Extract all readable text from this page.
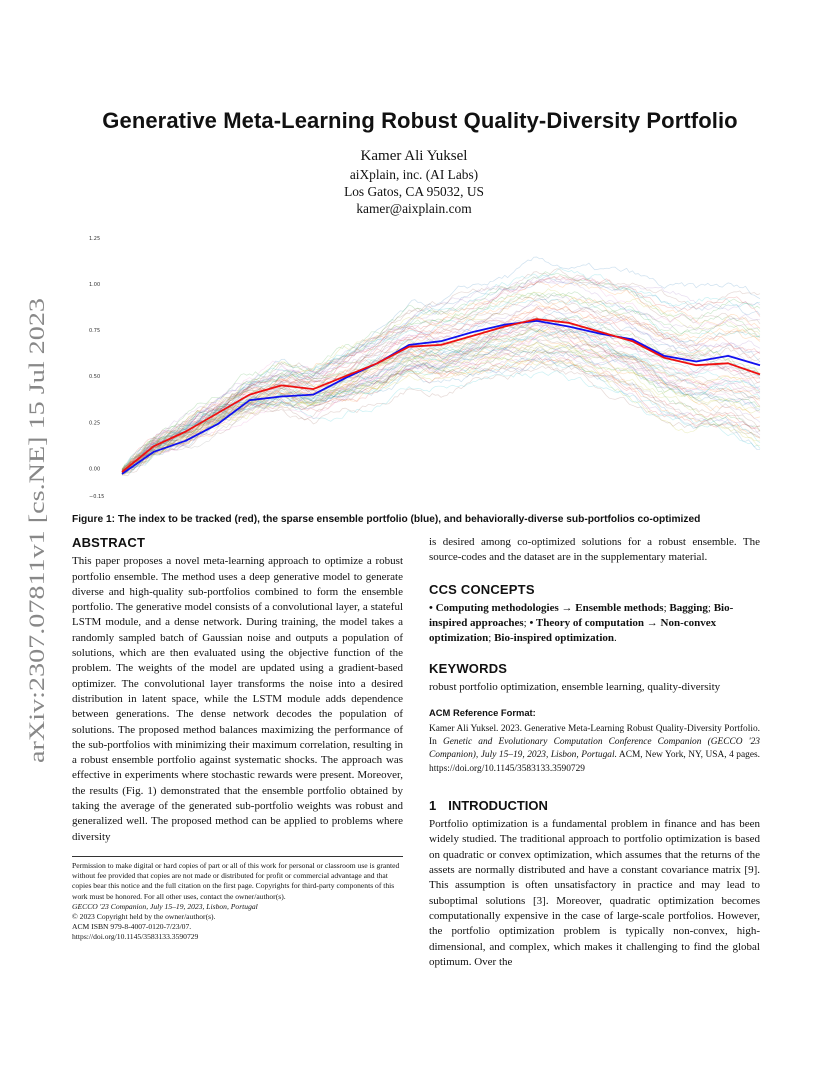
arXiv:2307.07811v1 [cs.NE] 15 Jul 2023
Generative Meta-Learning Robust Quality-Diversity Portfolio
Kamer Ali Yuksel
aiXplain, inc. (AI Labs)
Los Gatos, CA 95032, US
kamer@aixplain.com
1.25
1.00
0.75
0.50
0.25
0.00
−0.15
Figure 1: The index to be tracked (red), the sparse ensemble portfolio (blue), and behaviorally-diverse sub-portfolios co-optimized
ABSTRACT

This paper proposes a novel meta-learning approach to optimize a robust portfolio ensemble. The method uses a deep generative model to generate diverse and high-quality sub-portfolios combined to form the ensemble portfolio. The generative model consists of a convolutional layer, a stateful LSTM module, and a dense network. During training, the model takes a randomly sampled batch of Gaussian noise and outputs a population of solutions, which are then evaluated using the objective function of the problem. The weights of the model are updated using a gradient-based optimizer. The convolutional layer transforms the noise into a desired distribution in latent space, while the LSTM module adds dependence between generations. The dense network decodes the population of solutions. The proposed method balances maximizing the performance of the sub-portfolios with minimizing their maximum correlation, resulting in a robust ensemble portfolio against systematic shocks. The approach was effective in experiments where stochastic rewards were present. Moreover, the results (Fig. 1) demonstrated that the ensemble portfolio obtained by taking the average of the generated sub-portfolio weights was robust and generalized well. The proposed method can be applied to problems where diversity

Permission to make digital or hard copies of part or all of this work for personal or classroom use is granted without fee provided that copies are not made or distributed for profit or commercial advantage and that copies bear this notice and the full citation on the first page. Copyrights for third-party components of this work must be honored. For all other uses, contact the owner/author(s).
GECCO '23 Companion, July 15–19, 2023, Lisbon, Portugal
© 2023 Copyright held by the owner/author(s).
ACM ISBN 979-8-4007-0120-7/23/07.
https://doi.org/10.1145/3583133.3590729

is desired among co-optimized solutions for a robust ensemble. The source-codes and the dataset are in the supplementary material.

CCS CONCEPTS

• Computing methodologies → Ensemble methods; Bagging; Bio-inspired approaches; • Theory of computation → Non-convex optimization; Bio-inspired optimization.

KEYWORDS

robust portfolio optimization, ensemble learning, quality-diversity

ACM Reference Format:
Kamer Ali Yuksel. 2023. Generative Meta-Learning Robust Quality-Diversity Portfolio. In Genetic and Evolutionary Computation Conference Companion (GECCO '23 Companion), July 15–19, 2023, Lisbon, Portugal. ACM, New York, NY, USA, 4 pages. https://doi.org/10.1145/3583133.3590729
1 INTRODUCTION

Portfolio optimization is a fundamental problem in finance and has been widely studied. The traditional approach to portfolio optimization is based on quadratic or convex optimization, which assumes that the returns of the assets are normally distributed and have a constant covariance matrix [9]. This assumption is often unsatisfactory in practice and may lead to suboptimal solutions [3]. Moreover, quadratic optimization becomes computationally expensive in the case of large-scale portfolios. However, the portfolio optimization problem is typically non-convex, high-dimensional, and complex, which makes it challenging to find the global optimum. Over the
